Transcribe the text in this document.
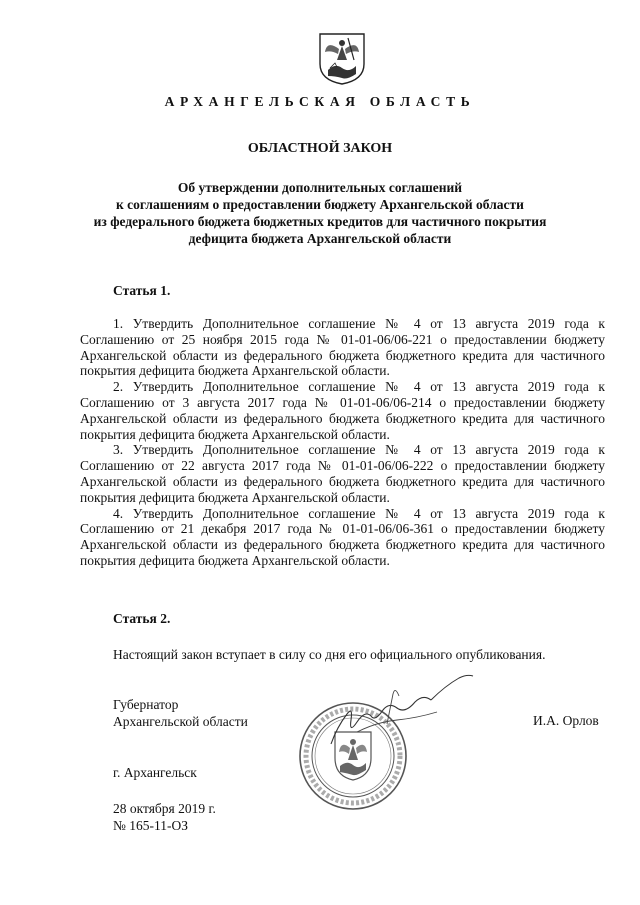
АРХАНГЕЛЬСКАЯ ОБЛАСТЬ
ОБЛАСТНОЙ ЗАКОН
Об утверждении дополнительных соглашений
к соглашениям о предоставлении бюджету Архангельской области
из федерального бюджета бюджетных кредитов для частичного покрытия
дефицита бюджета Архангельской области
Статья 1.

1. Утвердить Дополнительное соглашение № 4 от 13 августа 2019 года к Соглашению от 25 ноября 2015 года № 01-01-06/06-221 о предоставлении бюджету Архангельской области из федерального бюджета бюджетного кредита для частичного покрытия дефицита бюджета Архангельской области.

2. Утвердить Дополнительное соглашение № 4 от 13 августа 2019 года к Соглашению от 3 августа 2017 года № 01-01-06/06-214 о предоставлении бюджету Архангельской области из федерального бюджета бюджетного кредита для частичного покрытия дефицита бюджета Архангельской области.

3. Утвердить Дополнительное соглашение № 4 от 13 августа 2019 года к Соглашению от 22 августа 2017 года № 01-01-06/06-222 о предоставлении бюджету Архангельской области из федерального бюджета бюджетного кредита для частичного покрытия дефицита бюджета Архангельской области.

4. Утвердить Дополнительное соглашение № 4 от 13 августа 2019 года к Соглашению от 21 декабря 2017 года № 01-01-06/06-361 о предоставлении бюджету Архангельской области из федерального бюджета бюджетного кредита для частичного покрытия дефицита бюджета Архангельской области.

Статья 2.
Настоящий закон вступает в силу со дня его официального опубликования.
Губернатор
Архангельской области	И.А. Орлов
г. Архангельск
28 октября 2019 г.
№ 165-11-ОЗ
